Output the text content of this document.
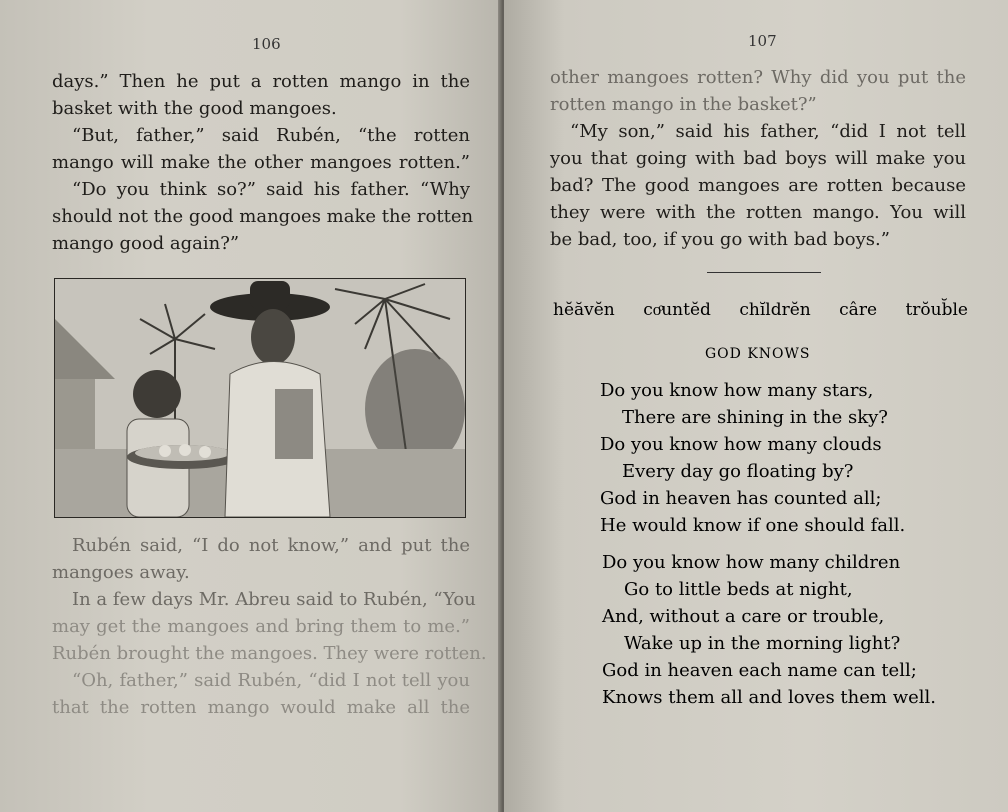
106
days.” Then he put a rotten mango in the
basket with the good mangoes.
“But, father,” said Rubén, “the rotten
mango will make the other mangoes rotten.”
“Do you think so?” said his father. “Why
should not the good mangoes make the rotten
mango good again?”
Rubén said, “I do not know,” and put the
mangoes away.
In a few days Mr. Abreu said to Rubén, “You
may get the mangoes and bring them to me.”
Rubén brought the mangoes. They were rotten.
“Oh, father,” said Rubén, “did I not tell you
that the rotten mango would make all the
107
other mangoes rotten? Why did you put the
rotten mango in the basket?”
“My son,” said his father, “did I not tell
you that going with bad boys will make you
bad? The good mangoes are rotten because
they were with the rotten mango. You will
be bad, too, if you go with bad boys.”
hĕăvĕn coͦuntĕd chĭldrĕn câre trŏub̆le
GOD KNOWS
Do you know how many stars,
There are shining in the sky?
Do you know how many clouds
Every day go floating by?
God in heaven has counted all;
He would know if one should fall.
Do you know how many children
Go to little beds at night,
And, without a care or trouble,
Wake up in the morning light?
God in heaven each name can tell;
Knows them all and loves them well.
